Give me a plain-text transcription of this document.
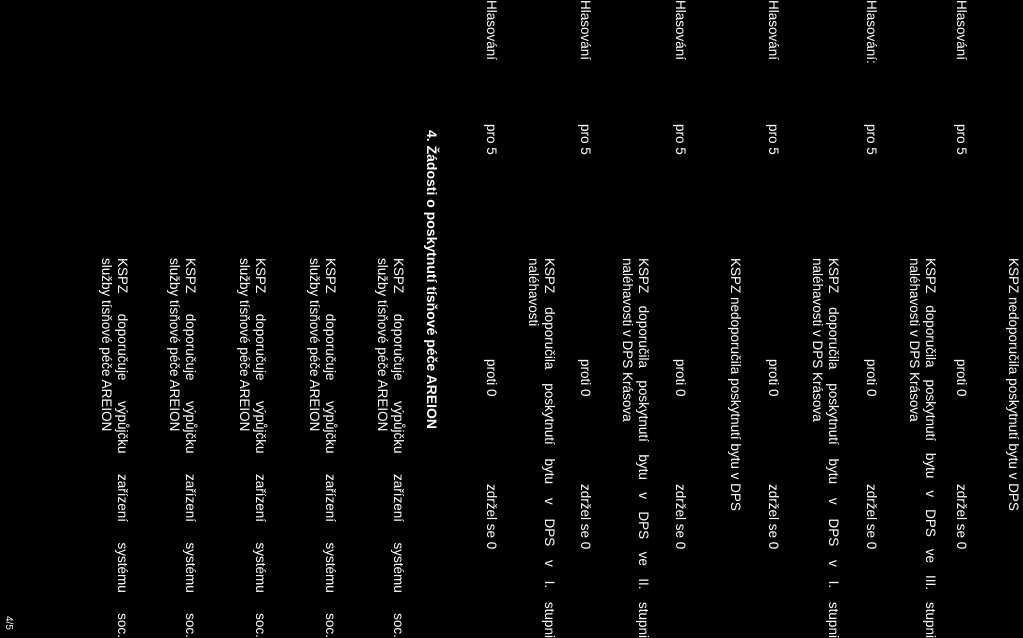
KSPZ nedoporučila poskytnutí bytu v DPS
Hlasování
pro 5
proti 0
zdržel se 0
KSPZ
doporučila
poskytnutí
bytu
v
DPS
ve
III.
stupni
naléhavosti v DPS Krásova
Hlasování:
pro 5
proti 0
zdržel se 0
KSPZ
doporučila
poskytnutí
bytu
v
DPS
v
I.
stupni
naléhavosti v DPS Krásova
Hlasování
pro 5
proti 0
zdržel se 0
KSPZ nedoporučila poskytnutí bytu v DPS
Hlasování
pro 5
proti 0
zdržel se 0
KSPZ
doporučila
poskytnutí
bytu
v
DPS
ve
II.
stupni
naléhavosti v DPS Krásova
Hlasování
pro 5
proti 0
zdržel se 0
KSPZ
doporučila
poskytnutí
bytu
v
DPS
v
I.
stupni
naléhavosti
4. Žádosti o poskytnutí tísňové péče AREION
4/5
KSPZ
doporučuje
výpůjčku
zařízení
systému
soc.
služby tísňové péče AREION
KSPZ
doporučuje
výpůjčku
zařízení
systému
soc.
služby tísňové péče AREION
KSPZ
doporučuje
výpůjčku
zařízení
systému
soc.
služby tísňové péče AREION
KSPZ
doporučuje
výpůjčku
zařízení
systému
soc.
služby tísňové péče AREION
KSPZ
doporučuje
výpůjčku
zařízení
systému
soc.
služby tísňové péče AREION
Hlasování
pro 5
proti 0
zdržel se 0
